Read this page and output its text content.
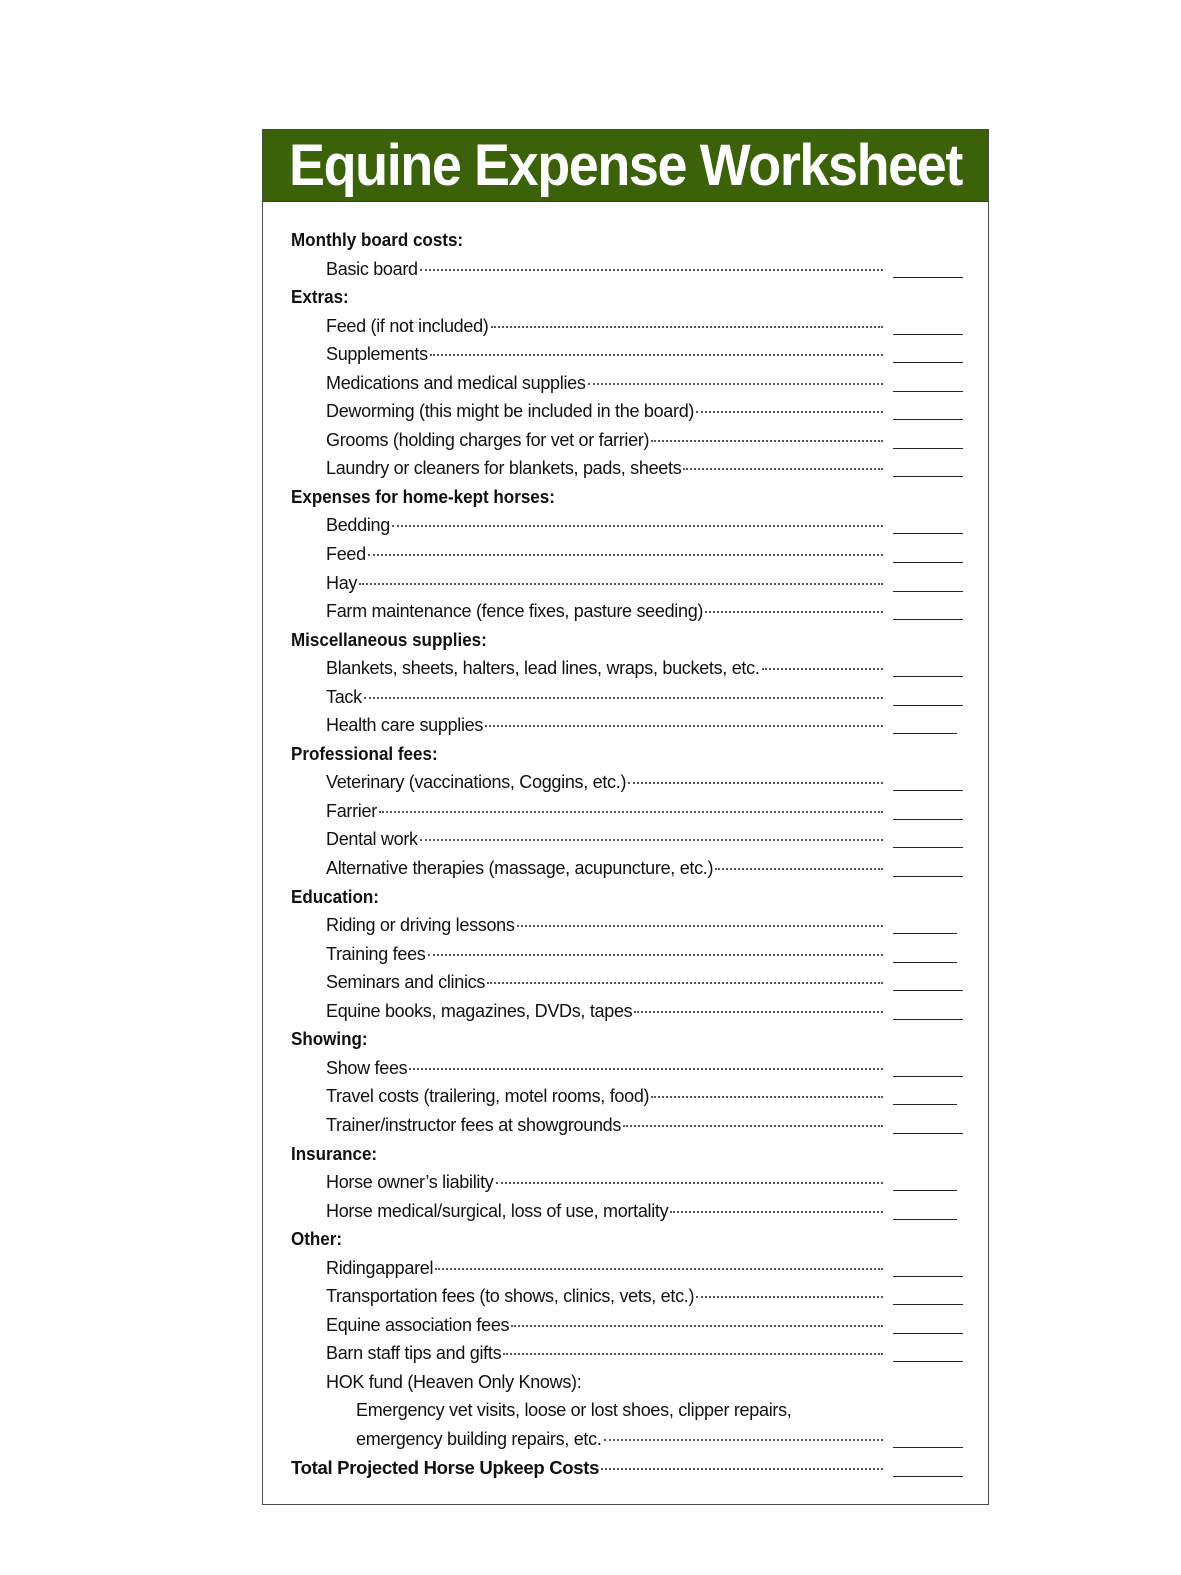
Equine Expense Worksheet
Monthly board costs:
Basic board
Extras:
Feed (if not included)
Supplements
Medications and medical supplies
Deworming (this might be included in the board)
Grooms (holding charges for vet or farrier)
Laundry or cleaners for blankets, pads, sheets
Expenses for home-kept horses:
Bedding
Feed
Hay
Farm maintenance (fence fixes, pasture seeding)
Miscellaneous supplies:
Blankets, sheets, halters, lead lines, wraps, buckets, etc.
Tack
Health care supplies
Professional fees:
Veterinary (vaccinations, Coggins, etc.)
Farrier
Dental work
Alternative therapies (massage, acupuncture, etc.)
Education:
Riding or driving lessons
Training fees
Seminars and clinics
Equine books, magazines, DVDs, tapes
Showing:
Show fees
Travel costs (trailering, motel rooms, food)
Trainer/instructor fees at showgrounds
Insurance:
Horse owner’s liability
Horse medical/surgical, loss of use, mortality
Other:
Ridingapparel
Transportation fees (to shows, clinics, vets, etc.)
Equine association fees
Barn staff tips and gifts
HOK fund (Heaven Only Knows):
Emergency vet visits, loose or lost shoes, clipper repairs,
emergency building repairs, etc.
Total Projected Horse Upkeep Costs
